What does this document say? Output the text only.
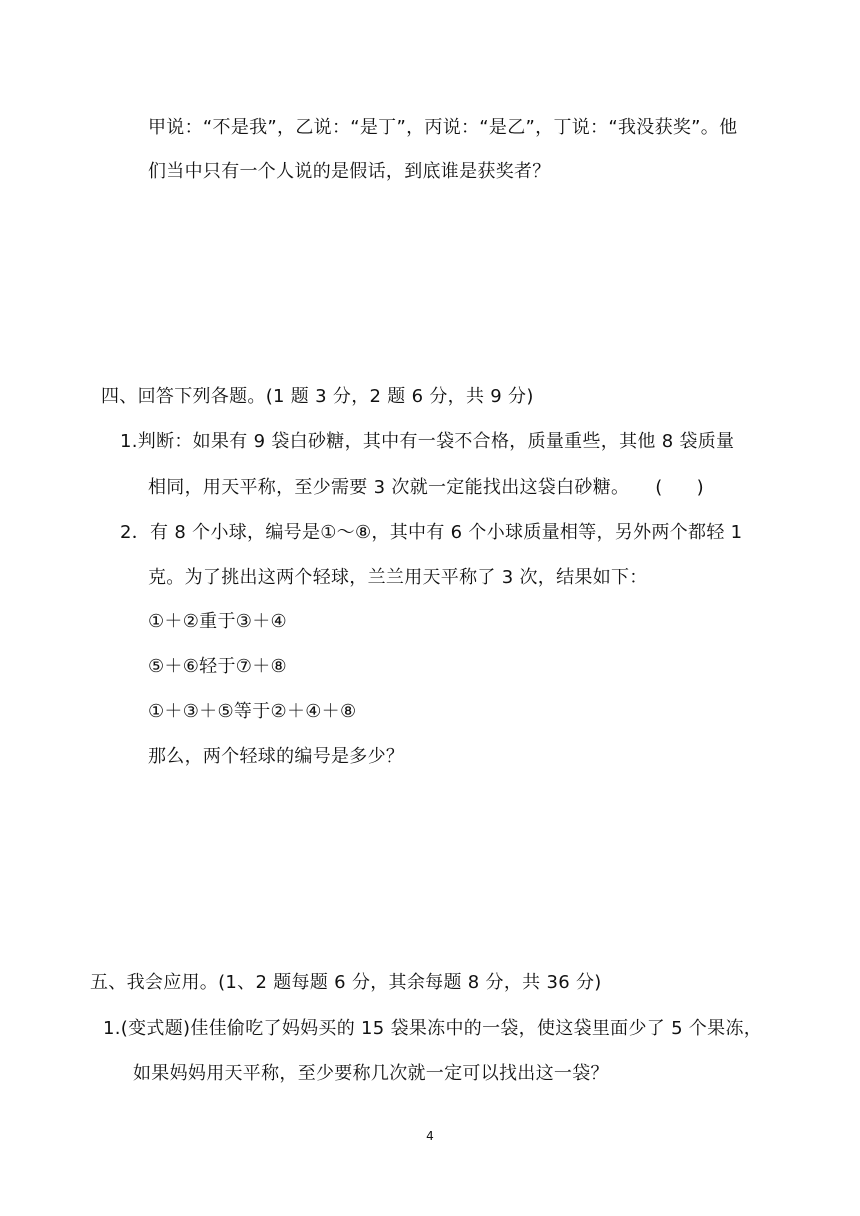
甲说：“不是我”，乙说：“是丁”，丙说：“是乙”，丁说：“我没获奖”。他
们当中只有一个人说的是假话，到底谁是获奖者？
四、回答下列各题。(1 题 3 分，2 题 6 分，共 9 分)
1.判断：如果有 9 袋白砂糖，其中有一袋不合格，质量重些，其他 8 袋质量
相同，用天平称，至少需要 3 次就一定能找出这袋白砂糖。 ( )
2．有 8 个小球，编号是①～⑧，其中有 6 个小球质量相等，另外两个都轻 1
克。为了挑出这两个轻球，兰兰用天平称了 3 次，结果如下：
①＋②重于③＋④
⑤＋⑥轻于⑦＋⑧
①＋③＋⑤等于②＋④＋⑧
那么，两个轻球的编号是多少？
五、我会应用。(1、2 题每题 6 分，其余每题 8 分，共 36 分)
1.(变式题)佳佳偷吃了妈妈买的 15 袋果冻中的一袋，使这袋里面少了 5 个果冻，
如果妈妈用天平称，至少要称几次就一定可以找出这一袋？
4
